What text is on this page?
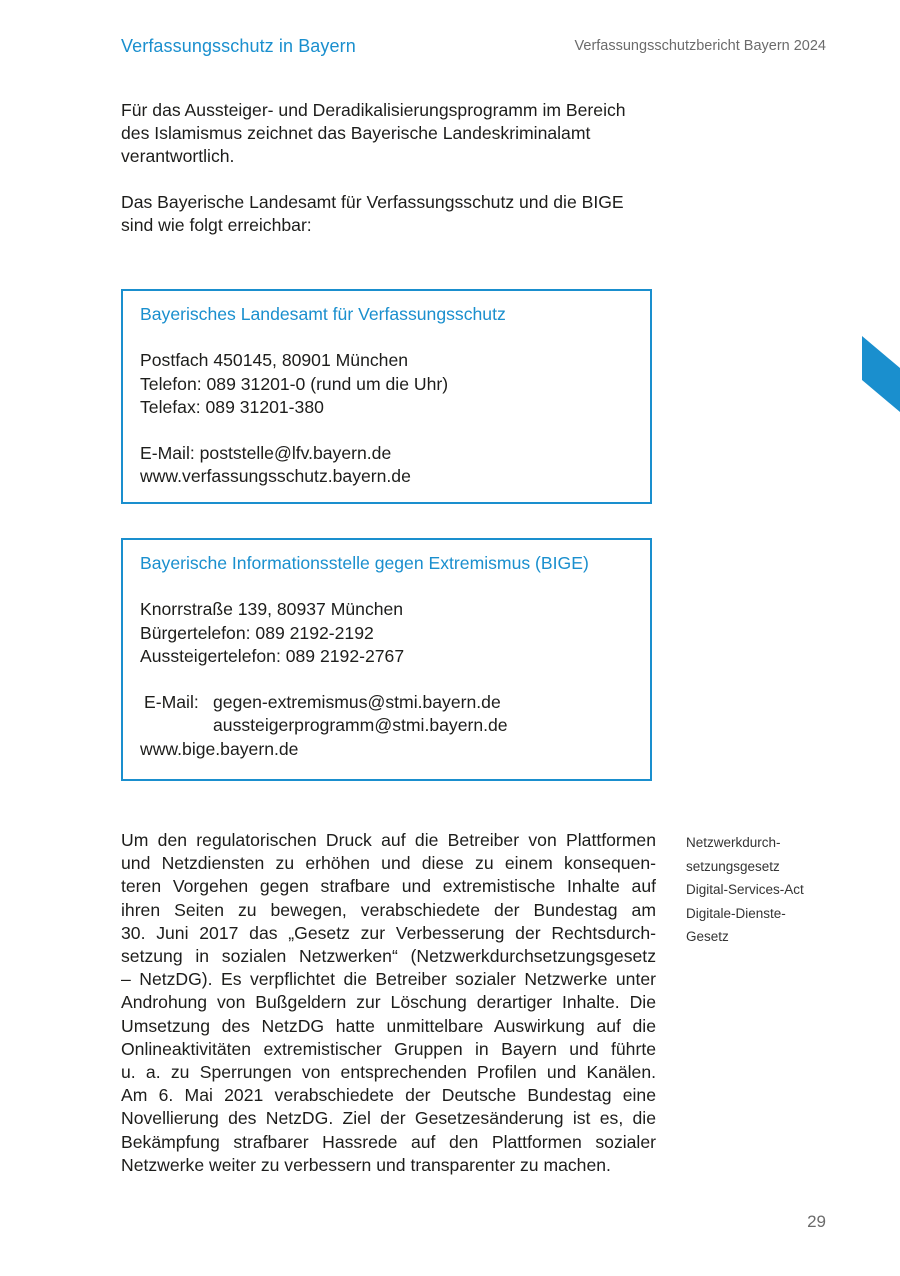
Verfassungsschutz in Bayern	Verfassungsschutzbericht Bayern 2024

Für das Aussteiger- und Deradikalisierungsprogramm im Bereich
des Islamismus zeichnet das Bayerische Landeskriminalamt
verantwortlich.

Das Bayerische Landesamt für Verfassungsschutz und die BIGE
sind wie folgt erreichbar:

Bayerisches Landesamt für Verfassungsschutz
Postfach 450145, 80901 München
Telefon: 089 31201-0 (rund um die Uhr)
Telefax: 089 31201-380
E-Mail: poststelle@lfv.bayern.de
www.verfassungsschutz.bayern.de
Bayerische Informationsstelle gegen Extremismus (BIGE)
Knorrstraße 139, 80937 München
Bürgertelefon: 089 2192-2192
Aussteigertelefon: 089 2192-2767
E-Mail: gegen-extremismus@stmi.bayern.de
aussteigerprogramm@stmi.bayern.de
www.bige.bayern.de
Um den regulatorischen Druck auf die Betreiber von Plattformen
und Netzdiensten zu erhöhen und diese zu einem konsequen-
teren Vorgehen gegen strafbare und extremistische Inhalte auf
ihren Seiten zu bewegen, verabschiedete der Bundestag am
30. Juni 2017 das „Gesetz zur Verbesserung der Rechtsdurch-
setzung in sozialen Netzwerken“ (Netzwerkdurchsetzungsgesetz
– NetzDG). Es verpflichtet die Betreiber sozialer Netzwerke unter
Androhung von Bußgeldern zur Löschung derartiger Inhalte. Die
Umsetzung des NetzDG hatte unmittelbare Auswirkung auf die
Onlineaktivitäten extremistischer Gruppen in Bayern und führte
u. a. zu Sperrungen von entsprechenden Profilen und Kanälen.
Am 6. Mai 2021 verabschiedete der Deutsche Bundestag eine
Novellierung des NetzDG. Ziel der Gesetzesänderung ist es, die
Bekämpfung strafbarer Hassrede auf den Plattformen sozialer
Netzwerke weiter zu verbessern und transparenter zu machen.
Netzwerkdurch-
setzungsgesetz
Digital-Services-Act
Digitale-Dienste-
Gesetz
29
